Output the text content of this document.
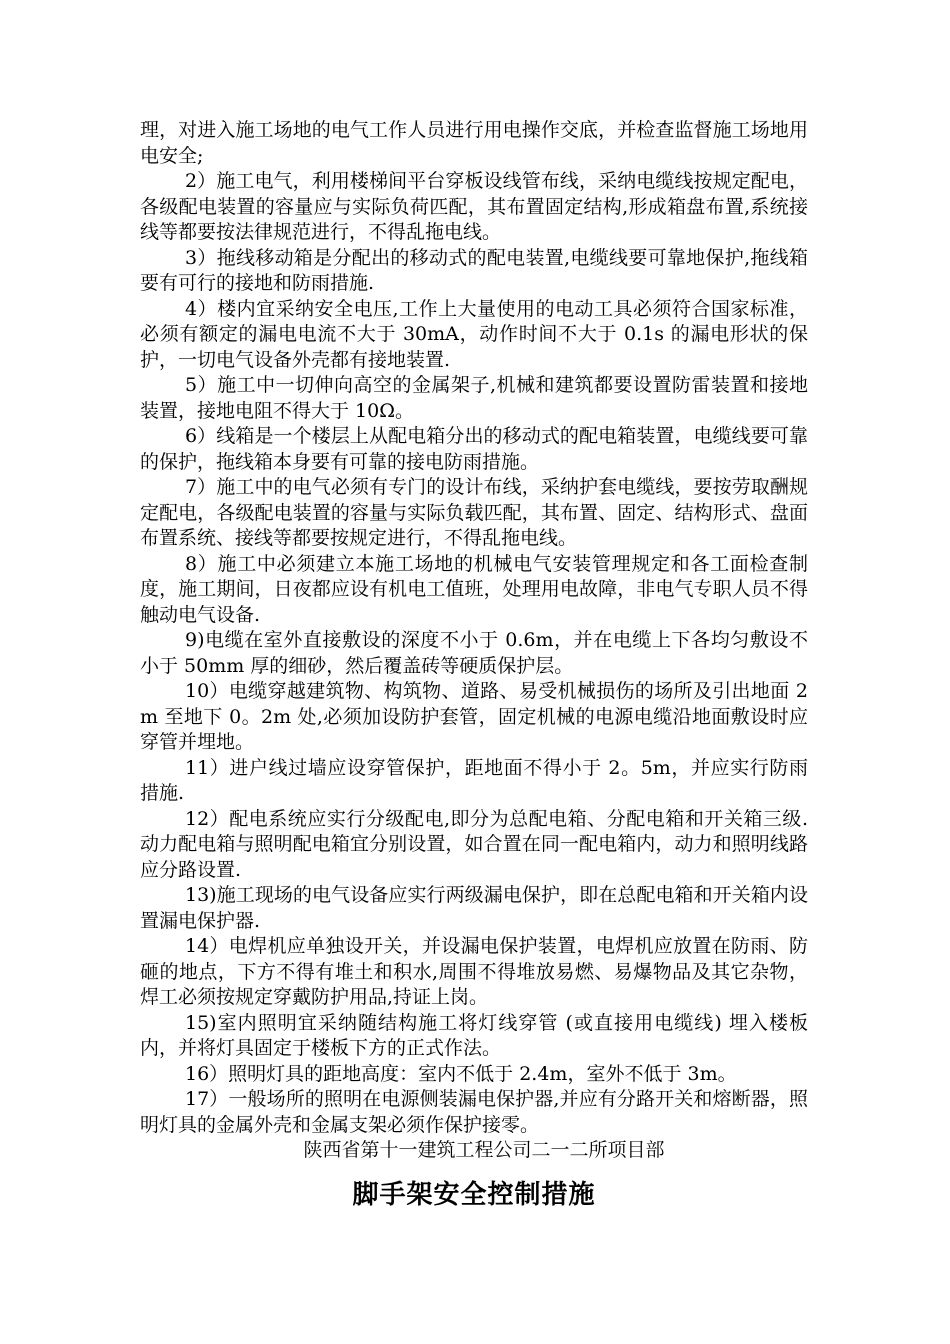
理，对进入施工场地的电气工作人员进行用电操作交底，并检查监督施工场地用电安全;

2）施工电气，利用楼梯间平台穿板设线管布线，采纳电缆线按规定配电，各级配电装置的容量应与实际负荷匹配，其布置固定结构,形成箱盘布置,系统接线等都要按法律规范进行，不得乱拖电线。

3）拖线移动箱是分配出的移动式的配电装置,电缆线要可靠地保护,拖线箱要有可行的接地和防雨措施.

4）楼内宜采纳安全电压,工作上大量使用的电动工具必须符合国家标准，必须有额定的漏电电流不大于 30mA，动作时间不大于 0.1s 的漏电形状的保护，一切电气设备外壳都有接地装置.

5）施工中一切伸向高空的金属架子,机械和建筑都要设置防雷装置和接地装置，接地电阻不得大于 10Ω。

6）线箱是一个楼层上从配电箱分出的移动式的配电箱装置，电缆线要可靠的保护，拖线箱本身要有可靠的接电防雨措施。

7）施工中的电气必须有专门的设计布线，采纳护套电缆线，要按劳取酬规定配电，各级配电装置的容量与实际负载匹配，其布置、固定、结构形式、盘面布置系统、接线等都要按规定进行，不得乱拖电线。

8）施工中必须建立本施工场地的机械电气安装管理规定和各工面检查制度，施工期间，日夜都应设有机电工值班，处理用电故障，非电气专职人员不得触动电气设备.

9)电缆在室外直接敷设的深度不小于 0.6m，并在电缆上下各均匀敷设不小于 50mm 厚的细砂，然后覆盖砖等硬质保护层。

10）电缆穿越建筑物、构筑物、道路、易受机械损伤的场所及引出地面 2m 至地下 0。2m 处,必须加设防护套管，固定机械的电源电缆沿地面敷设时应穿管并埋地。

11）进户线过墙应设穿管保护，距地面不得小于 2。5m，并应实行防雨措施.

12）配电系统应实行分级配电,即分为总配电箱、分配电箱和开关箱三级.动力配电箱与照明配电箱宜分别设置，如合置在同一配电箱内，动力和照明线路应分路设置.

13)施工现场的电气设备应实行两级漏电保护，即在总配电箱和开关箱内设置漏电保护器.

14）电焊机应单独设开关，并设漏电保护装置，电焊机应放置在防雨、防砸的地点，下方不得有堆土和积水,周围不得堆放易燃、易爆物品及其它杂物，焊工必须按规定穿戴防护用品,持证上岗。

15)室内照明宜采纳随结构施工将灯线穿管 (或直接用电缆线) 埋入楼板内，并将灯具固定于楼板下方的正式作法。

16）照明灯具的距地高度：室内不低于 2.4m，室外不低于 3m。

17）一般场所的照明在电源侧装漏电保护器,并应有分路开关和熔断器，照明灯具的金属外壳和金属支架必须作保护接零。

陕西省第十一建筑工程公司二一二所项目部

脚手架安全控制措施
